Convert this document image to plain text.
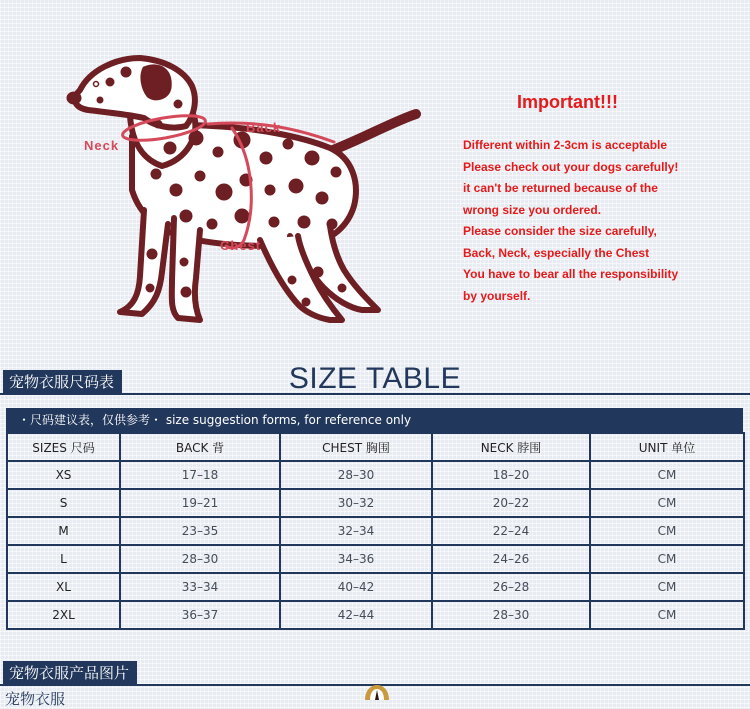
Neck
Back
Chest
Important!!!

Different within 2-3cm is acceptable

Please check out your dogs carefully!

it can't be returned because of the

wrong size you ordered.

Please consider the size carefully,

Back, Neck, especially the Chest

You have to bear all the responsibility

by yourself.

宠物衣服尺码表	SIZE TABLE
・尺码建议表，仅供参考・ size suggestion forms, for reference only
SIZES 尺码	BACK 背	CHEST 胸围	NECK 脖围	UNIT 单位
XS	17–18	28–30	18–20	CM
S	19–21	30–32	20–22	CM
M	23–35	32–34	22–24	CM
L	28–30	34–36	24–26	CM
XL	33–34	40–42	26–28	CM
2XL	36–37	42–44	28–30	CM
宠物衣服产品图片
宠物衣服
